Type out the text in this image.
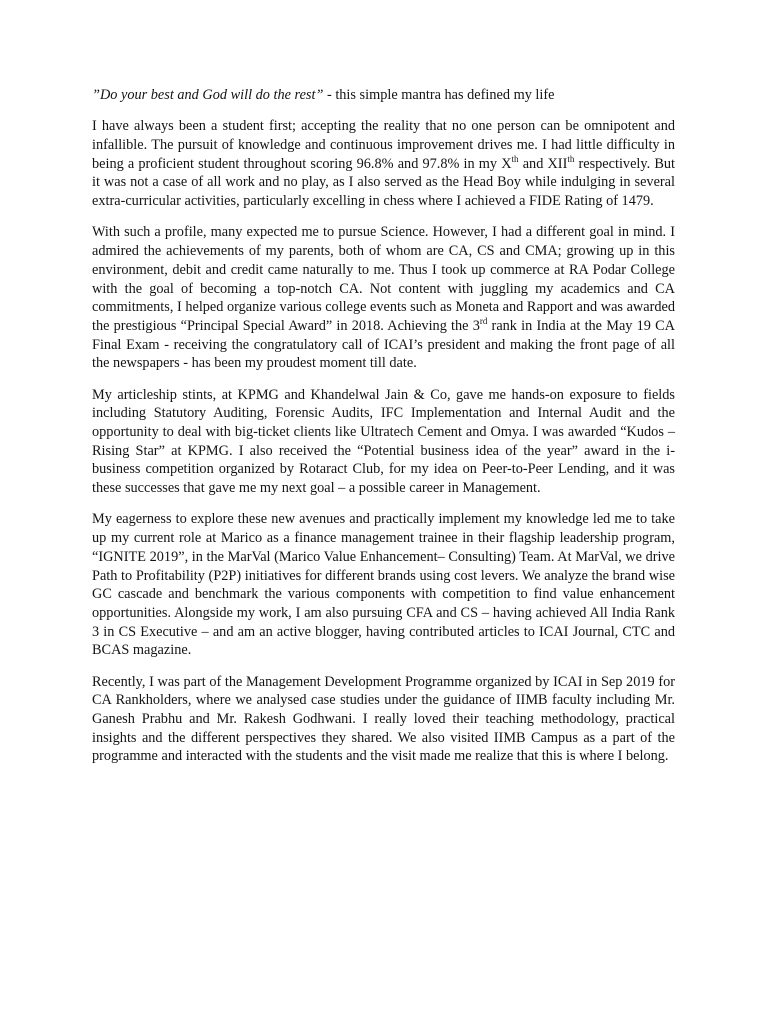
”Do your best and God will do the rest” - this simple mantra has defined my life

I have always been a student first; accepting the reality that no one person can be omnipotent and infallible. The pursuit of knowledge and continuous improvement drives me. I had little difficulty in being a proficient student throughout scoring 96.8% and 97.8% in my Xth and XIIth respectively. But it was not a case of all work and no play, as I also served as the Head Boy while indulging in several extra-curricular activities, particularly excelling in chess where I achieved a FIDE Rating of 1479.

With such a profile, many expected me to pursue Science. However, I had a different goal in mind. I admired the achievements of my parents, both of whom are CA, CS and CMA; growing up in this environment, debit and credit came naturally to me. Thus I took up commerce at RA Podar College with the goal of becoming a top-notch CA. Not content with juggling my academics and CA commitments, I helped organize various college events such as Moneta and Rapport and was awarded the prestigious “Principal Special Award” in 2018. Achieving the 3rd rank in India at the May 19 CA Final Exam - receiving the congratulatory call of ICAI’s president and making the front page of all the newspapers - has been my proudest moment till date.

My articleship stints, at KPMG and Khandelwal Jain & Co, gave me hands-on exposure to fields including Statutory Auditing, Forensic Audits, IFC Implementation and Internal Audit and the opportunity to deal with big-ticket clients like Ultratech Cement and Omya. I was awarded “Kudos – Rising Star” at KPMG. I also received the “Potential business idea of the year” award in the i-business competition organized by Rotaract Club, for my idea on Peer-to-Peer Lending, and it was these successes that gave me my next goal – a possible career in Management.

My eagerness to explore these new avenues and practically implement my knowledge led me to take up my current role at Marico as a finance management trainee in their flagship leadership program, “IGNITE 2019”, in the MarVal (Marico Value Enhancement– Consulting) Team. At MarVal, we drive Path to Profitability (P2P) initiatives for different brands using cost levers. We analyze the brand wise GC cascade and benchmark the various components with competition to find value enhancement opportunities. Alongside my work, I am also pursuing CFA and CS – having achieved All India Rank 3 in CS Executive – and am an active blogger, having contributed articles to ICAI Journal, CTC and BCAS magazine.

Recently, I was part of the Management Development Programme organized by ICAI in Sep 2019 for CA Rankholders, where we analysed case studies under the guidance of IIMB faculty including Mr. Ganesh Prabhu and Mr. Rakesh Godhwani. I really loved their teaching methodology, practical insights and the different perspectives they shared. We also visited IIMB Campus as a part of the programme and interacted with the students and the visit made me realize that this is where I belong.
